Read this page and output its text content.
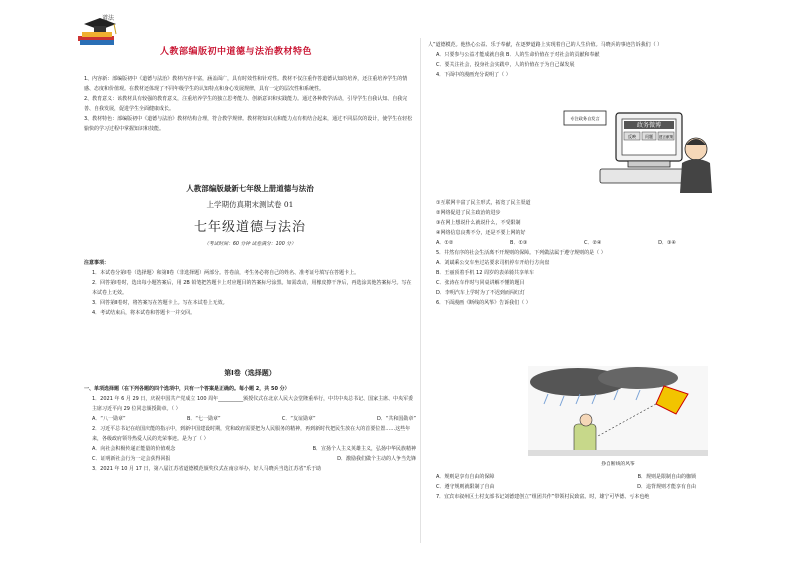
道法
人教部编版初中道德与法治教材特色

1、内容新：部编版初中《道德与法治》教材内容丰富，涵盖面广，具有时效性和针对性。教材不仅注重作答道德认知的培养，还注重培养学生的情感、态度和价值观。在教材还体现了不同年级学生的认知特点和身心发展规律，具有一定的层次性和系统性。

2、教育意义：该教材具有较强的教育意义，注重培养学生的独立思考能力、创新意识和实践能力。通过各种教学活动，引导学生自我认知、自我完善、自我发展，促进学生全面健康成长。

3、教材特色：部编版初中《道德与法治》教材结构合理，符合教学规律。教材将知识点和能力点有机结合起来，通过不同层次的设计，使学生在轻松愉快的学习过程中掌握知识和技能。

人教部编版最新七年级上册道德与法治
上学期仿真期末测试卷 01
七年级道德与法治
（考试时间：60 分钟 试卷满分：100 分）

注意事项：

1．本试卷分第Ⅰ卷（选择题）和第Ⅱ卷（非选择题）两部分。答卷前，考生务必将自己的姓名、准考证号填写在答题卡上。

2．回答第Ⅰ卷时，选出每小题答案后，用 2B 铅笔把答题卡上对应题目的答案标号涂黑。如需改动，用橡皮擦干净后，再选涂其他答案标号。写在本试卷上无效。

3．回答第Ⅱ卷时，将答案写在答题卡上。写在本试卷上无效。

4．考试结束后，将本试卷和答题卡一并交回。

第Ⅰ卷（选择题）

一、单项选择题（在下列各题的四个选项中，只有一个答案是正确的。每小题 2，共 50 分）

1．2021 年 6 月 29 日，庆祝中国共产党成立 100 周年__________颁授仪式在北京人民大会堂隆重举行，中共中央总书记、国家主席、中央军委主席习近平向 29 位同志颁授勋章。（ ）

A．“八一勋章”	B．“七一勋章”	C．“友谊勋章”	D．“共和国勋章”

2．习近平总书记在给国庆能的指示中，到新中国建设时期，党和政府需要把为人民服务的精神，再到新时代把民生放在大的首要位置……这些年来，各级政府领导热爱人民的光荣事迹。是为了（ ）

A．向社会积极传递正能量的价值观念	B．宣扬个人主义英雄主义，弘扬中华民族精神
C．证明新社会行为一定会获得回报	D．激励我们做个主动的人争当先锋

3．2021 年 10 月 17 日，第八届江苏省道德模范颁奖仪式在南京举办，好人马晓兵当选江苏省“乐于助

人”道德模范。他热心公益、乐于奉献，在逐梦道路上实现着自己的人生价值。马晓兵的事迹告诉我们（ ）

A．只要参与公益才能成就自我 B．人的生命价值在于对社会的贡献和奉献

C．要关注社会，投身社会实践中，人的价值在于为自己谋发展

4．下面中的漫画充分说明了（ ）

政务微博
反映 问题 建言献策
专注政务自发言

①互联网丰富了民主形式，拓宽了民主渠道

②网络促进了民主政治的进步

③在网上想说什么就说什么，不受限制

④网络信息良莠不分，还是不要上网的好

A．①②	B．①③	C．②④	D．③④

5．井然有序的社会生活离不开规则的保障。下列做法属于遵守规则的是（ ）

A．刘斌乘公交车坐过站要求司机停车开给行方向盘

B．王丽顶着手机 12 周岁的表弟骑共享单车

C．张涛在车作时与同桌讲解不懂的题目

D．李明汽车上学时为了不迟到而闯红灯

6．下面漫画《断线的风筝》告诉我们（ ）

挣自断线的风筝
A．规则是享有自由的保障	B．规则是限制自由的枷锁
C．遵守规则就限制了自由	D．违背规则才能享有自由

7．宜宾市叙州区土村支部书记刘德建创立“组团共作”带领村民致富。时，雄宁可毕德、亏本也绝
